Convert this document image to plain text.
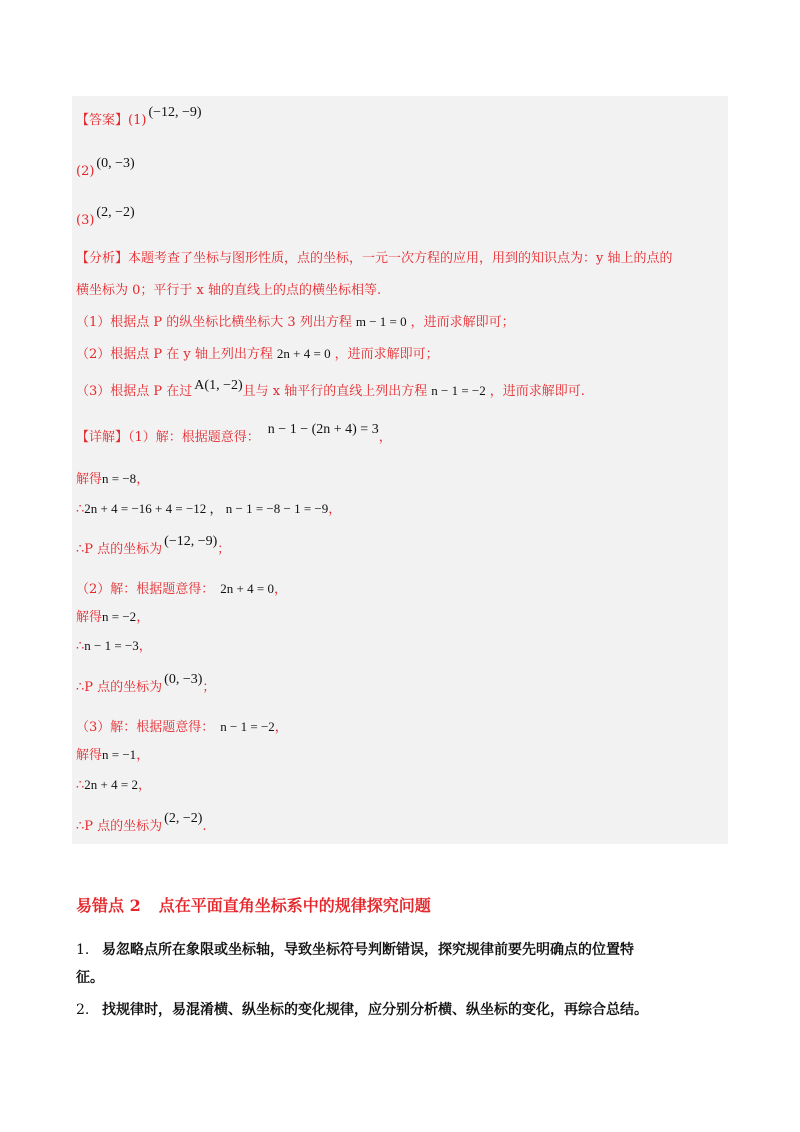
【答案】(1)(−12, −9)
(2)(0, −3)
(3)(2, −2)
【分析】本题考查了坐标与图形性质，点的坐标，一元一次方程的应用，用到的知识点为：y 轴上的点的
横坐标为 0；平行于 x 轴的直线上的点的横坐标相等.
（1）根据点 P 的纵坐标比横坐标大 3 列出方程 m − 1 = 0 ，进而求解即可；
（2）根据点 P 在 y 轴上列出方程 2n + 4 = 0 ，进而求解即可；
（3）根据点 P 在过 A(1, −2)且与 x 轴平行的直线上列出方程 n − 1 = −2 ，进而求解即可.
【详解】（1）解：根据题意得：n − 1 − (2n + 4) = 3，
解得n = −8，
∴2n + 4 = −16 + 4 = −12 ， n − 1 = −8 − 1 = −9，
∴P 点的坐标为(−12, −9)；
（2）解：根据题意得： 2n + 4 = 0，
解得n = −2，
∴n − 1 = −3，
∴P 点的坐标为(0, −3)；
（3）解：根据题意得： n − 1 = −2，
解得n = −1，
∴2n + 4 = 2，
∴P 点的坐标为(2, −2).
易错点 2 点在平面直角坐标系中的规律探究问题
1. 易忽略点所在象限或坐标轴，导致坐标符号判断错误，探究规律前要先明确点的位置特
征。
2. 找规律时，易混淆横、纵坐标的变化规律，应分别分析横、纵坐标的变化，再综合总结。
